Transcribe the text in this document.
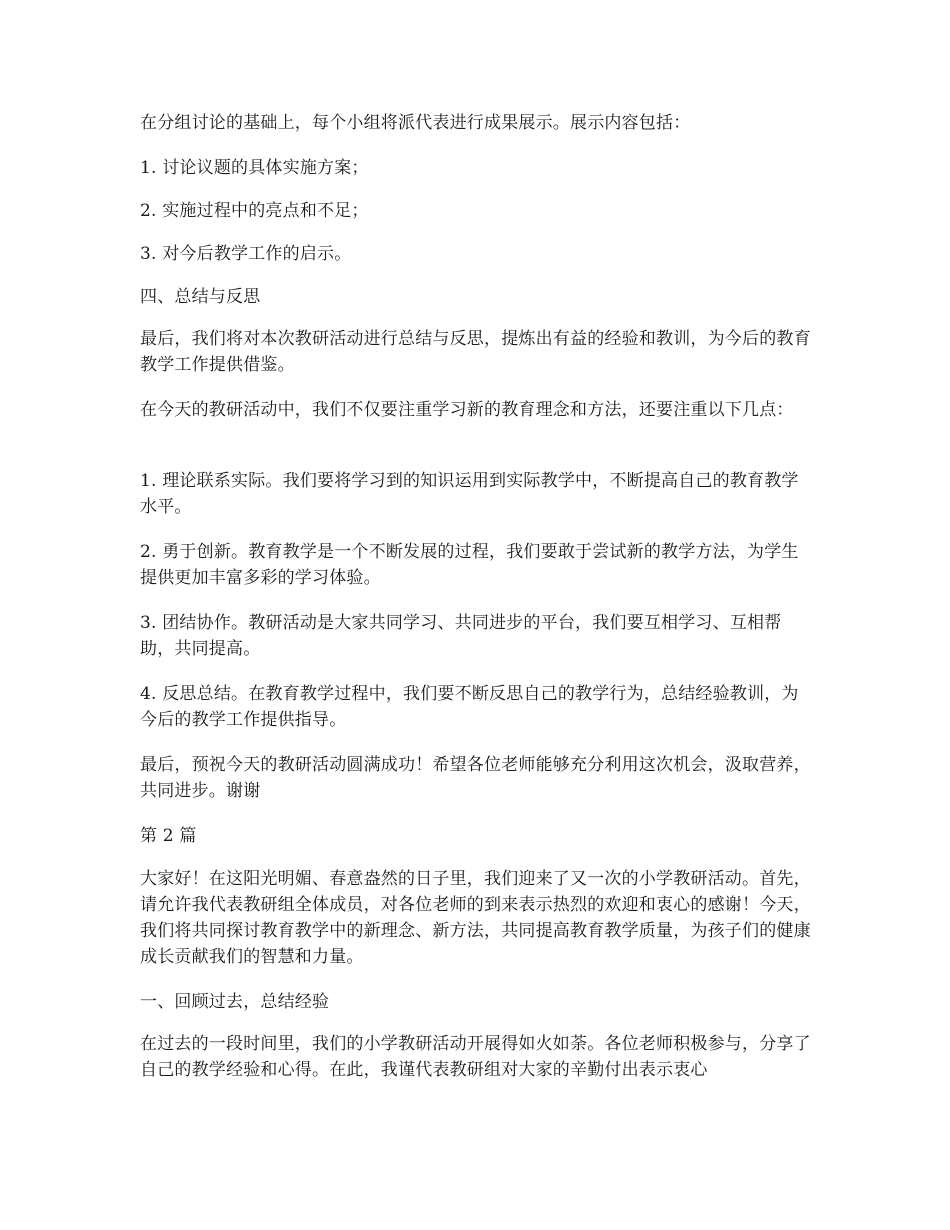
在分组讨论的基础上，每个小组将派代表进行成果展示。展示内容包括：

1. 讨论议题的具体实施方案；

2. 实施过程中的亮点和不足；

3. 对今后教学工作的启示。

四、总结与反思

最后，我们将对本次教研活动进行总结与反思，提炼出有益的经验和教训，为今后的教育教学工作提供借鉴。

在今天的教研活动中，我们不仅要注重学习新的教育理念和方法，还要注重以下几点：

1. 理论联系实际。我们要将学习到的知识运用到实际教学中，不断提高自己的教育教学水平。

2. 勇于创新。教育教学是一个不断发展的过程，我们要敢于尝试新的教学方法，为学生提供更加丰富多彩的学习体验。

3. 团结协作。教研活动是大家共同学习、共同进步的平台，我们要互相学习、互相帮助，共同提高。

4. 反思总结。在教育教学过程中，我们要不断反思自己的教学行为，总结经验教训，为今后的教学工作提供指导。

最后，预祝今天的教研活动圆满成功！希望各位老师能够充分利用这次机会，汲取营养，共同进步。谢谢

第 2 篇

大家好！在这阳光明媚、春意盎然的日子里，我们迎来了又一次的小学教研活动。首先，请允许我代表教研组全体成员，对各位老师的到来表示热烈的欢迎和衷心的感谢！今天，我们将共同探讨教育教学中的新理念、新方法，共同提高教育教学质量，为孩子们的健康成长贡献我们的智慧和力量。

一、回顾过去，总结经验

在过去的一段时间里，我们的小学教研活动开展得如火如荼。各位老师积极参与，分享了自己的教学经验和心得。在此，我谨代表教研组对大家的辛勤付出表示衷心
